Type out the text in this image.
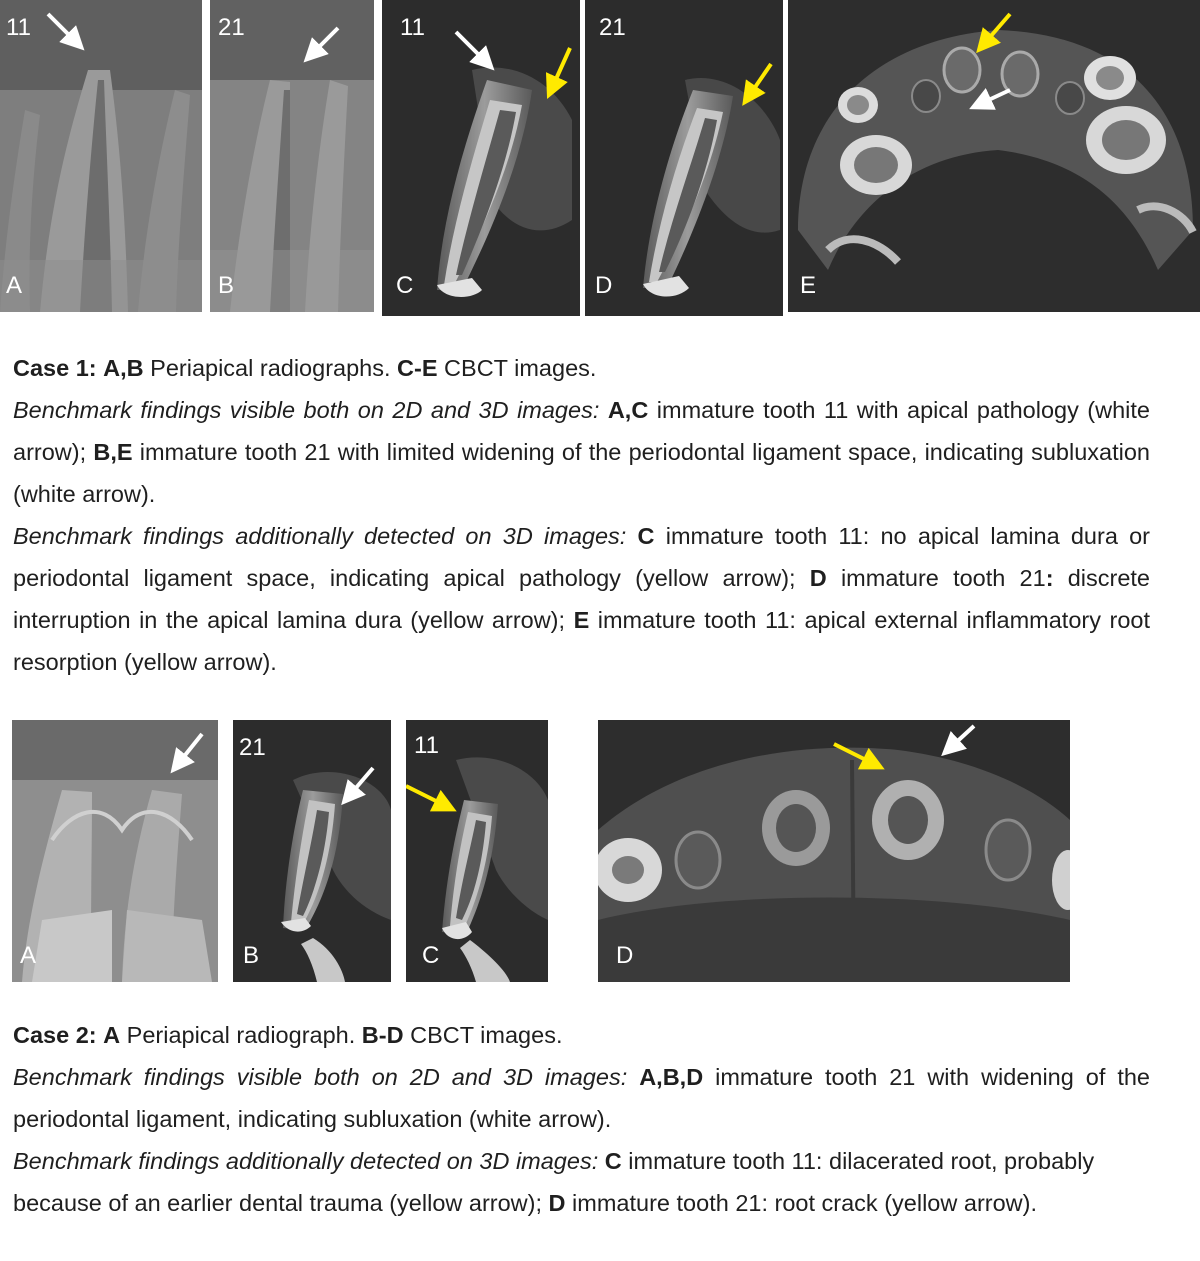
11
A
21
B
11
C
21
D	E

Case 1: A,B Periapical radiographs. C-E CBCT images.

Benchmark findings visible both on 2D and 3D images: A,C immature tooth 11 with apical pathology (white arrow); B,E immature tooth 21 with limited widening of the periodontal ligament space, indicating subluxation (white arrow).

Benchmark findings additionally detected on 3D images: C immature tooth 11: no apical lamina dura or periodontal ligament space, indicating apical pathology (yellow arrow); D immature tooth 21: discrete interruption in the apical lamina dura (yellow arrow); E immature tooth 11: apical external inflammatory root resorption (yellow arrow).

A
21
B
11
C	D

Case 2: A Periapical radiograph. B-D CBCT images.

Benchmark findings visible both on 2D and 3D images: A,B,D immature tooth 21 with widening of the periodontal ligament, indicating subluxation (white arrow).

Benchmark findings additionally detected on 3D images: C immature tooth 11: dilacerated root, probably because of an earlier dental trauma (yellow arrow); D immature tooth 21: root crack (yellow arrow).
